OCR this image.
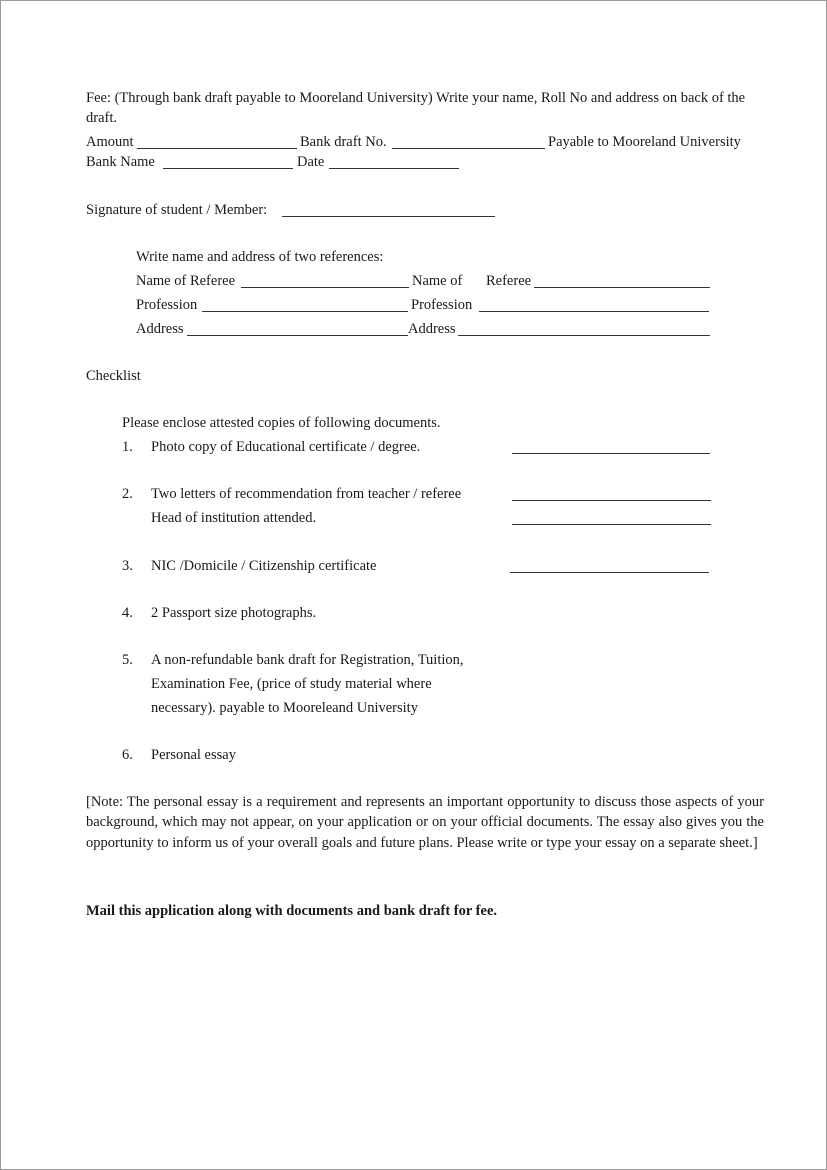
Fee: (Through bank draft payable to Mooreland University) Write your name, Roll No and address on back of the draft.
Amount	Bank draft No.	Payable to Mooreland University
Bank Name	Date
Signature of student / Member:
Write name and address of two references:
Name of Referee	Name of Referee
Profession	Profession
Address	Address
Checklist
Please enclose attested copies of following documents.
1. Photo copy of Educational certificate / degree.
2. Two letters of recommendation from teacher / referee
Head of institution attended.
3. NIC /Domicile / Citizenship certificate
4. 2 Passport size photographs.
5. A non-refundable bank draft for Registration, Tuition,
Examination Fee, (price of study material where
necessary). payable to Mooreleand University
6. Personal essay
[Note: The personal essay is a requirement and represents an important opportunity to discuss those aspects of your background, which may not appear, on your application or on your official documents. The essay also gives you the opportunity to inform us of your overall goals and future plans. Please write or type your essay on a separate sheet.]
Mail this application along with documents and bank draft for fee.
